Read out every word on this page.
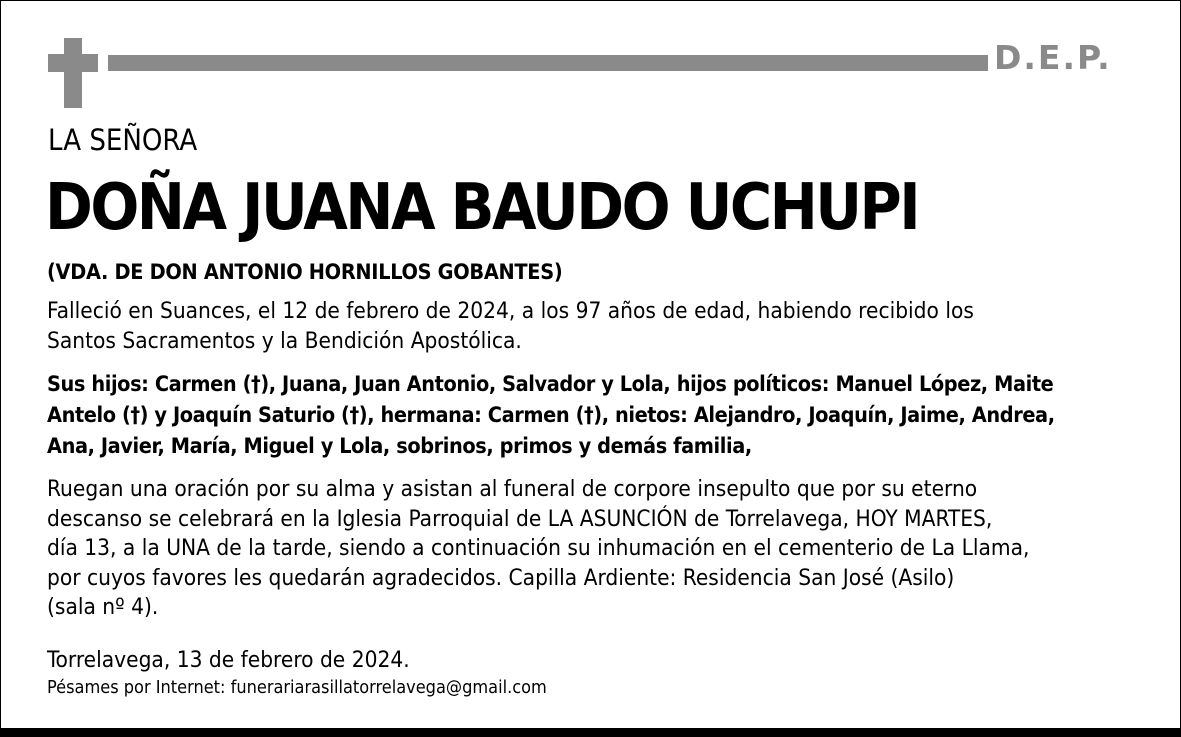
D.E.P.
LA SEÑORA
DOÑA JUANA BAUDO UCHUPI
(VDA. DE DON ANTONIO HORNILLOS GOBANTES)
Falleció en Suances, el 12 de febrero de 2024, a los 97 años de edad, habiendo recibido los
Santos Sacramentos y la Bendición Apostólica.
Sus hijos: Carmen (†), Juana, Juan Antonio, Salvador y Lola, hijos políticos: Manuel López, Maite
Antelo (†) y Joaquín Saturio (†), hermana: Carmen (†), nietos: Alejandro, Joaquín, Jaime, Andrea,
Ana, Javier, María, Miguel y Lola, sobrinos, primos y demás familia,
Ruegan una oración por su alma y asistan al funeral de corpore insepulto que por su eterno
descanso se celebrará en la Iglesia Parroquial de LA ASUNCIÓN de Torrelavega, HOY MARTES,
día 13, a la UNA de la tarde, siendo a continuación su inhumación en el cementerio de La Llama,
por cuyos favores les quedarán agradecidos. Capilla Ardiente: Residencia San José (Asilo)
(sala nº 4).
Torrelavega, 13 de febrero de 2024.
Pésames por Internet: funerariarasillatorrelavega@gmail.com
